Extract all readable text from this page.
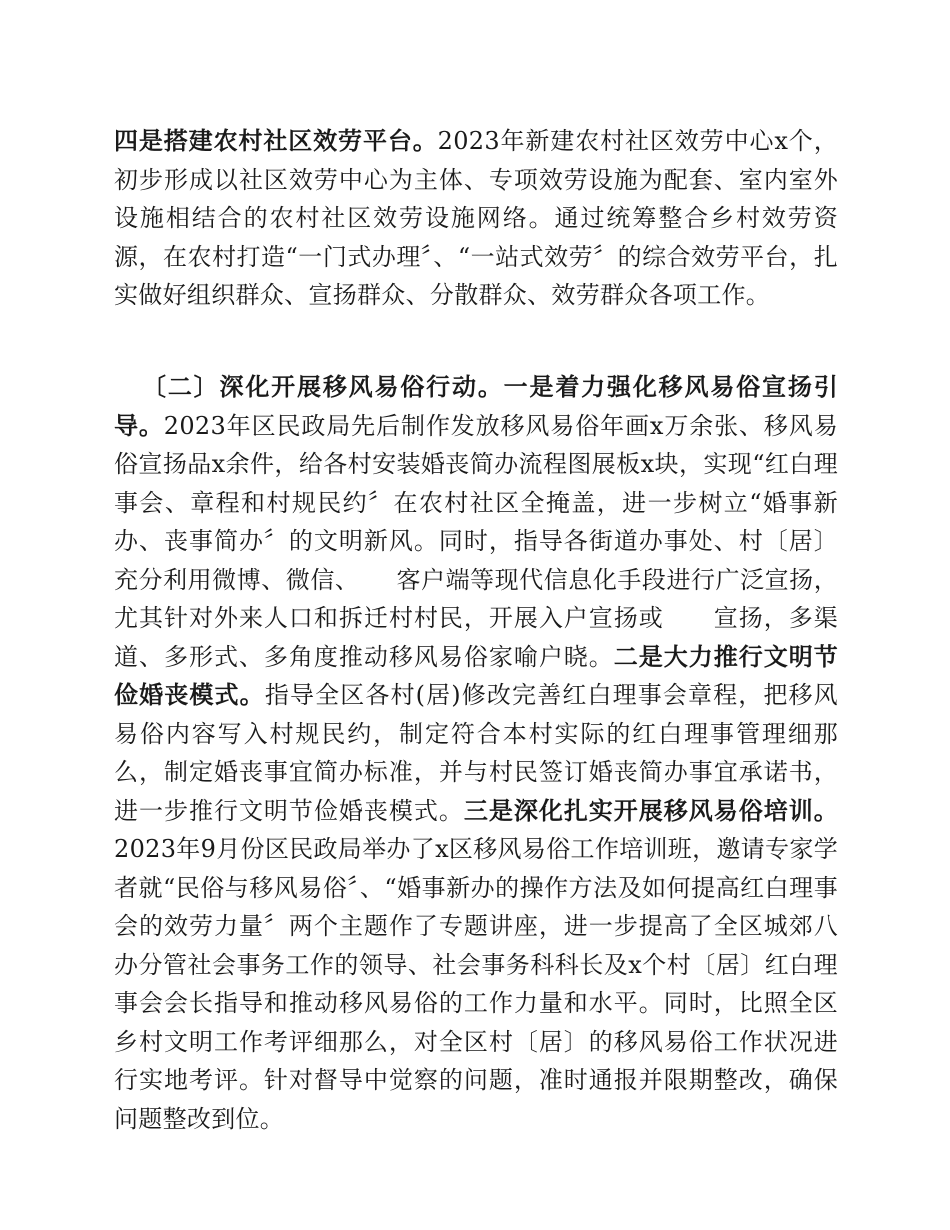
四是搭建农村社区效劳平台。2023年新建农村社区效劳中心x个，初步形成以社区效劳中心为主体、专项效劳设施为配套、室内室外设施相结合的农村社区效劳设施网络。通过统筹整合乡村效劳资源，在农村打造“一门式办理〞、“一站式效劳〞的综合效劳平台，扎实做好组织群众、宣扬群众、分散群众、效劳群众各项工作。

〔二〕深化开展移风易俗行动。一是着力强化移风易俗宣扬引导。2023年区民政局先后制作发放移风易俗年画x万余张、移风易俗宣扬品x余件，给各村安装婚丧简办流程图展板x块，实现“红白理事会、章程和村规民约〞在农村社区全掩盖，进一步树立“婚事新办、丧事简办〞的文明新风。同时，指导各街道办事处、村〔居〕充分利用微博、微信、　　客户端等现代信息化手段进行广泛宣扬，尤其针对外来人口和拆迁村村民，开展入户宣扬或　　宣扬，多渠道、多形式、多角度推动移风易俗家喻户晓。二是大力推行文明节俭婚丧模式。指导全区各村(居)修改完善红白理事会章程，把移风易俗内容写入村规民约，制定符合本村实际的红白理事管理细那么，制定婚丧事宜简办标准，并与村民签订婚丧简办事宜承诺书，进一步推行文明节俭婚丧模式。三是深化扎实开展移风易俗培训。2023年9月份区民政局举办了x区移风易俗工作培训班，邀请专家学者就“民俗与移风易俗〞、“婚事新办的操作方法及如何提高红白理事会的效劳力量〞两个主题作了专题讲座，进一步提高了全区城郊八办分管社会事务工作的领导、社会事务科科长及x个村〔居〕红白理事会会长指导和推动移风易俗的工作力量和水平。同时，比照全区乡村文明工作考评细那么，对全区村〔居〕的移风易俗工作状况进行实地考评。针对督导中觉察的问题，准时通报并限期整改，确保问题整改到位。
